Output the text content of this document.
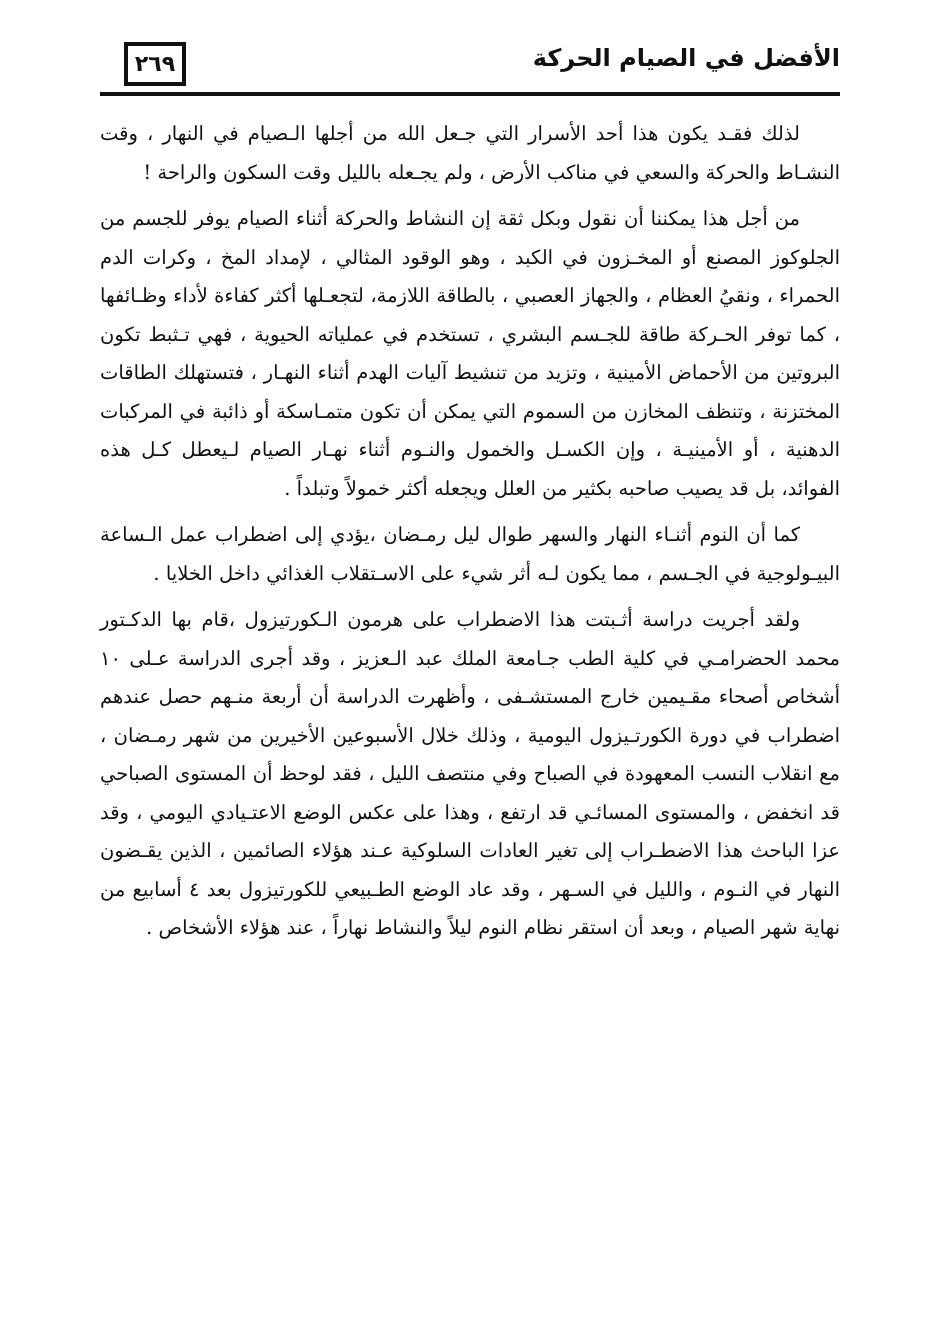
٢٦٩	الأفضل في الصيام الحركة

لذلك فقـد يكون هذا أحد الأسرار التي جـعل الله من أجلها الـصيام في النهار ، وقت النشـاط والحركة والسعي في مناكب الأرض ، ولم يجـعله بالليل وقت السكون والراحة !

من أجل هذا يمكننا أن نقول وبكل ثقة إن النشاط والحركة أثناء الصيام يوفر للجسم من الجلوكوز المصنع أو المخـزون في الكبد ، وهو الوقود المثالي ، لإمداد المخ ، وكرات الدم الحمراء ، ونقيُ العظام ، والجهاز العصبي ، بالطاقة اللازمة، لتجعـلها أكثر كفاءة لأداء وظـائفها ، كما توفر الحـركة طاقة للجـسم البشري ، تستخدم في عملياته الحيوية ، فهي تـثبط تكون البروتين من الأحماض الأمينية ، وتزيد من تنشيط آليات الهدم أثناء النهـار ، فتستهلك الطاقات المختزنة ، وتنظف المخازن من السموم التي يمكن أن تكون متمـاسكة أو ذائبة في المركبات الدهنية ، أو الأمينيـة ، وإن الكسـل والخمول والنـوم أثناء نهـار الصيام لـيعطل كـل هذه الفوائد، بل قد يصيب صاحبه بكثير من العلل ويجعله أكثر خمولاً وتبلداً .

كما أن النوم أثنـاء النهار والسهر طوال ليل رمـضان ،يؤدي إلى اضطراب عمل الـساعة البيـولوجية في الجـسم ، مما يكون لـه أثر شيء على الاسـتقلاب الغذائي داخل الخلايا .

ولقد أجريت دراسة أثـبتت هذا الاضطراب على هرمون الـكورتيزول ،قام بها الدكـتور محمد الحضرامـي في كلية الطب جـامعة الملك عبد الـعزيز ، وقد أجرى الدراسة عـلى ١٠ أشخاص أصحاء مقـيمين خارج المستشـفى ، وأظهرت الدراسة أن أربعة منـهم حصل عندهم اضطراب في دورة الكورتـيزول اليومية ، وذلك خلال الأسبوعين الأخيرين من شهر رمـضان ، مع انقلاب النسب المعهودة في الصباح وفي منتصف الليل ، فقد لوحظ أن المستوى الصباحي قد انخفض ، والمستوى المسائـي قد ارتفع ، وهذا على عكس الوضع الاعتـيادي اليومي ، وقد عزا الباحث هذا الاضطـراب إلى تغير العادات السلوكية عـند هؤلاء الصائمين ، الذين يقـضون النهار في النـوم ، والليل في السـهر ، وقد عاد الوضع الطـبيعي للكورتيزول بعد ٤ أسابيع من نهاية شهر الصيام ، وبعد أن استقر نظام النوم ليلاً والنشاط نهاراً ، عند هؤلاء الأشخاص .
